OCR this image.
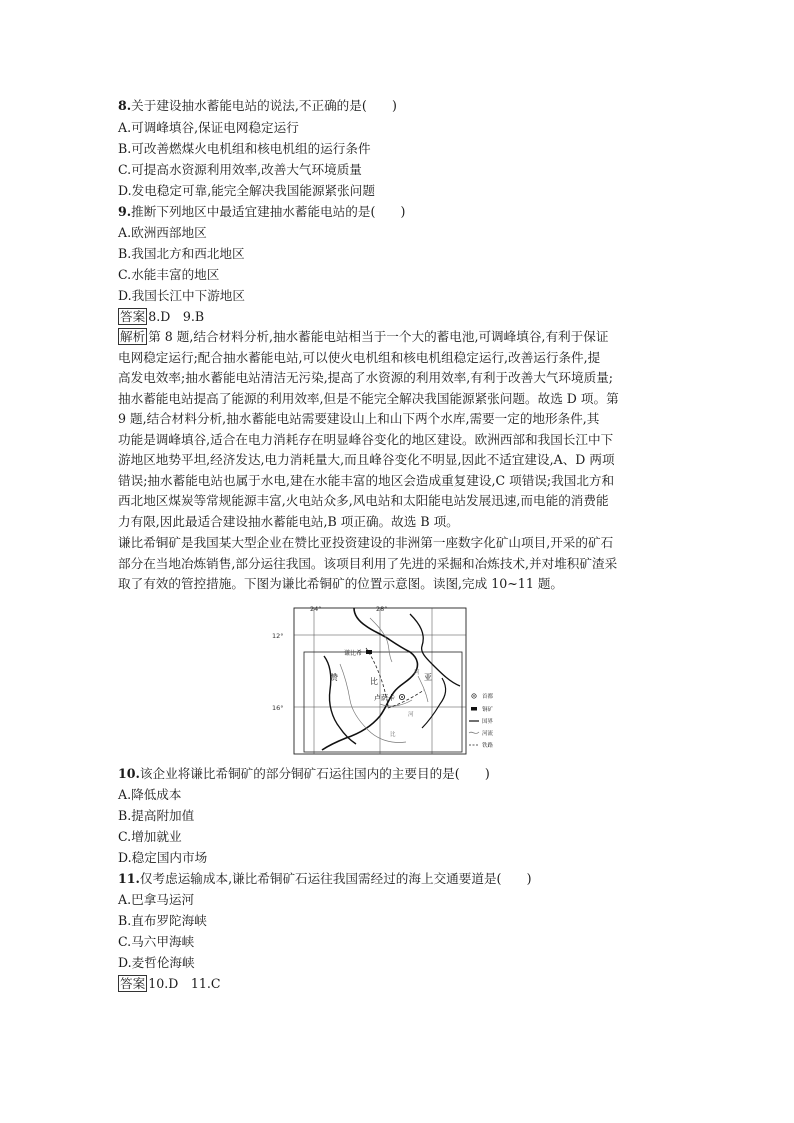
8.关于建设抽水蓄能电站的说法,不正确的是(　　)
A.可调峰填谷,保证电网稳定运行
B.可改善燃煤火电机组和核电机组的运行条件
C.可提高水资源利用效率,改善大气环境质量
D.发电稳定可靠,能完全解决我国能源紧张问题
9.推断下列地区中最适宜建抽水蓄能电站的是(　　)
A.欧洲西部地区
B.我国北方和西北地区
C.水能丰富的地区
D.我国长江中下游地区
答案 8.D　9.B
解析 第 8 题,结合材料分析,抽水蓄能电站相当于一个大的蓄电池,可调峰填谷,有利于保证
电网稳定运行;配合抽水蓄能电站,可以使火电机组和核电机组稳定运行,改善运行条件,提
高发电效率;抽水蓄能电站清洁无污染,提高了水资源的利用效率,有利于改善大气环境质量;
抽水蓄能电站提高了能源的利用效率,但是不能完全解决我国能源紧张问题。故选 D 项。第
9 题,结合材料分析,抽水蓄能电站需要建设山上和山下两个水库,需要一定的地形条件,其
功能是调峰填谷,适合在电力消耗存在明显峰谷变化的地区建设。欧洲西部和我国长江中下
游地区地势平坦,经济发达,电力消耗量大,而且峰谷变化不明显,因此不适宜建设,A、D 两项
错误;抽水蓄能电站也属于水电,建在水能丰富的地区会造成重复建设,C 项错误;我国北方和
西北地区煤炭等常规能源丰富,火电站众多,风电站和太阳能电站发展迅速,而电能的消费能
力有限,因此最适合建设抽水蓄能电站,B 项正确。故选 B 项。
谦比希铜矿是我国某大型企业在赞比亚投资建设的非洲第一座数字化矿山项目,开采的矿石
部分在当地冶炼销售,部分运往我国。该项目利用了先进的采掘和冶炼技术,并对堆积矿渣采
取了有效的管控措施。下图为谦比希铜矿的位置示意图。读图,完成 10~11 题。
24°	28°
12°
16°
谦比希
赞	比	亚
卢萨卡
河
河
比
首都
铜矿
国界
河流
铁路
10.该企业将谦比希铜矿的部分铜矿石运往国内的主要目的是(　　)
A.降低成本
B.提高附加值
C.增加就业
D.稳定国内市场
11.仅考虑运输成本,谦比希铜矿石运往我国需经过的海上交通要道是(　　)
A.巴拿马运河
B.直布罗陀海峡
C.马六甲海峡
D.麦哲伦海峡
答案 10.D　11.C
